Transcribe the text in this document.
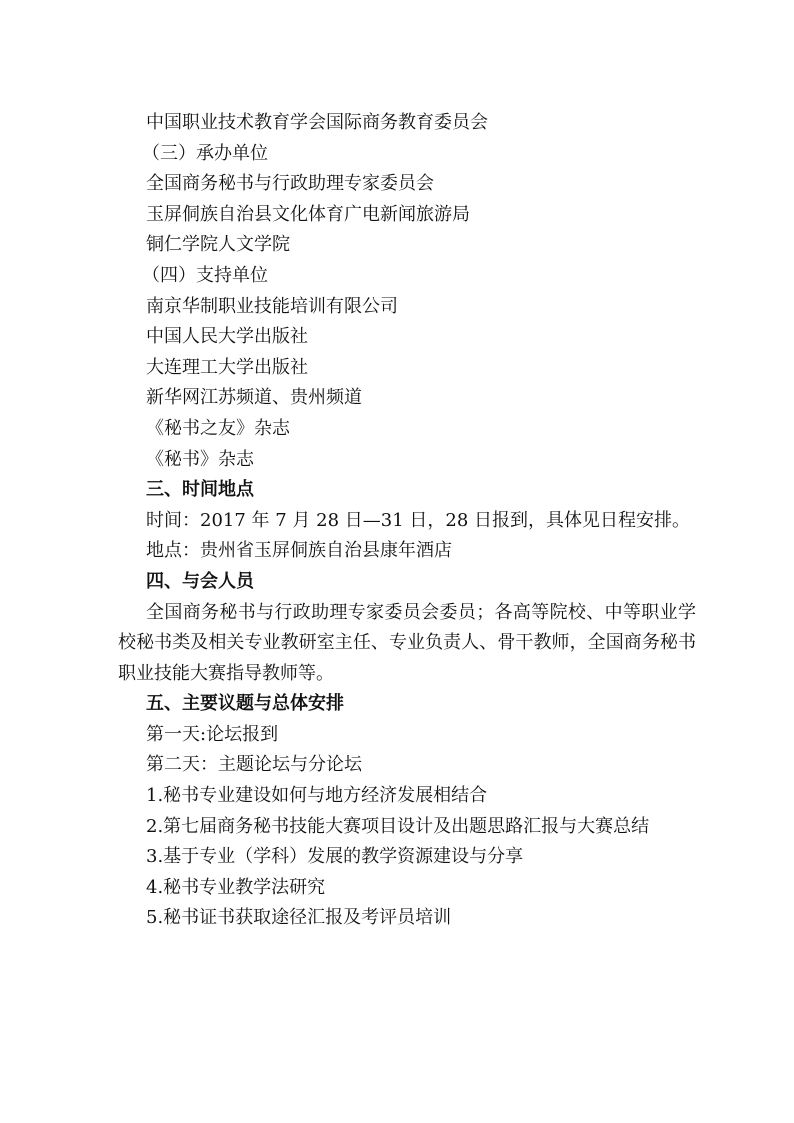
中国职业技术教育学会国际商务教育委员会
（三）承办单位
全国商务秘书与行政助理专家委员会
玉屏侗族自治县文化体育广电新闻旅游局
铜仁学院人文学院
（四）支持单位
南京华制职业技能培训有限公司
中国人民大学出版社
大连理工大学出版社
新华网江苏频道、贵州频道
《秘书之友》杂志
《秘书》杂志
三、时间地点
时间：2017 年 7 月 28 日—31 日，28 日报到，具体见日程安排。
地点：贵州省玉屏侗族自治县康年酒店
四、与会人员
全国商务秘书与行政助理专家委员会委员；各高等院校、中等职业学校秘书类及相关专业教研室主任、专业负责人、骨干教师，全国商务秘书职业技能大赛指导教师等。
五、主要议题与总体安排
第一天:论坛报到
第二天：主题论坛与分论坛
1.秘书专业建设如何与地方经济发展相结合
2.第七届商务秘书技能大赛项目设计及出题思路汇报与大赛总结
3.基于专业（学科）发展的教学资源建设与分享
4.秘书专业教学法研究
5.秘书证书获取途径汇报及考评员培训
